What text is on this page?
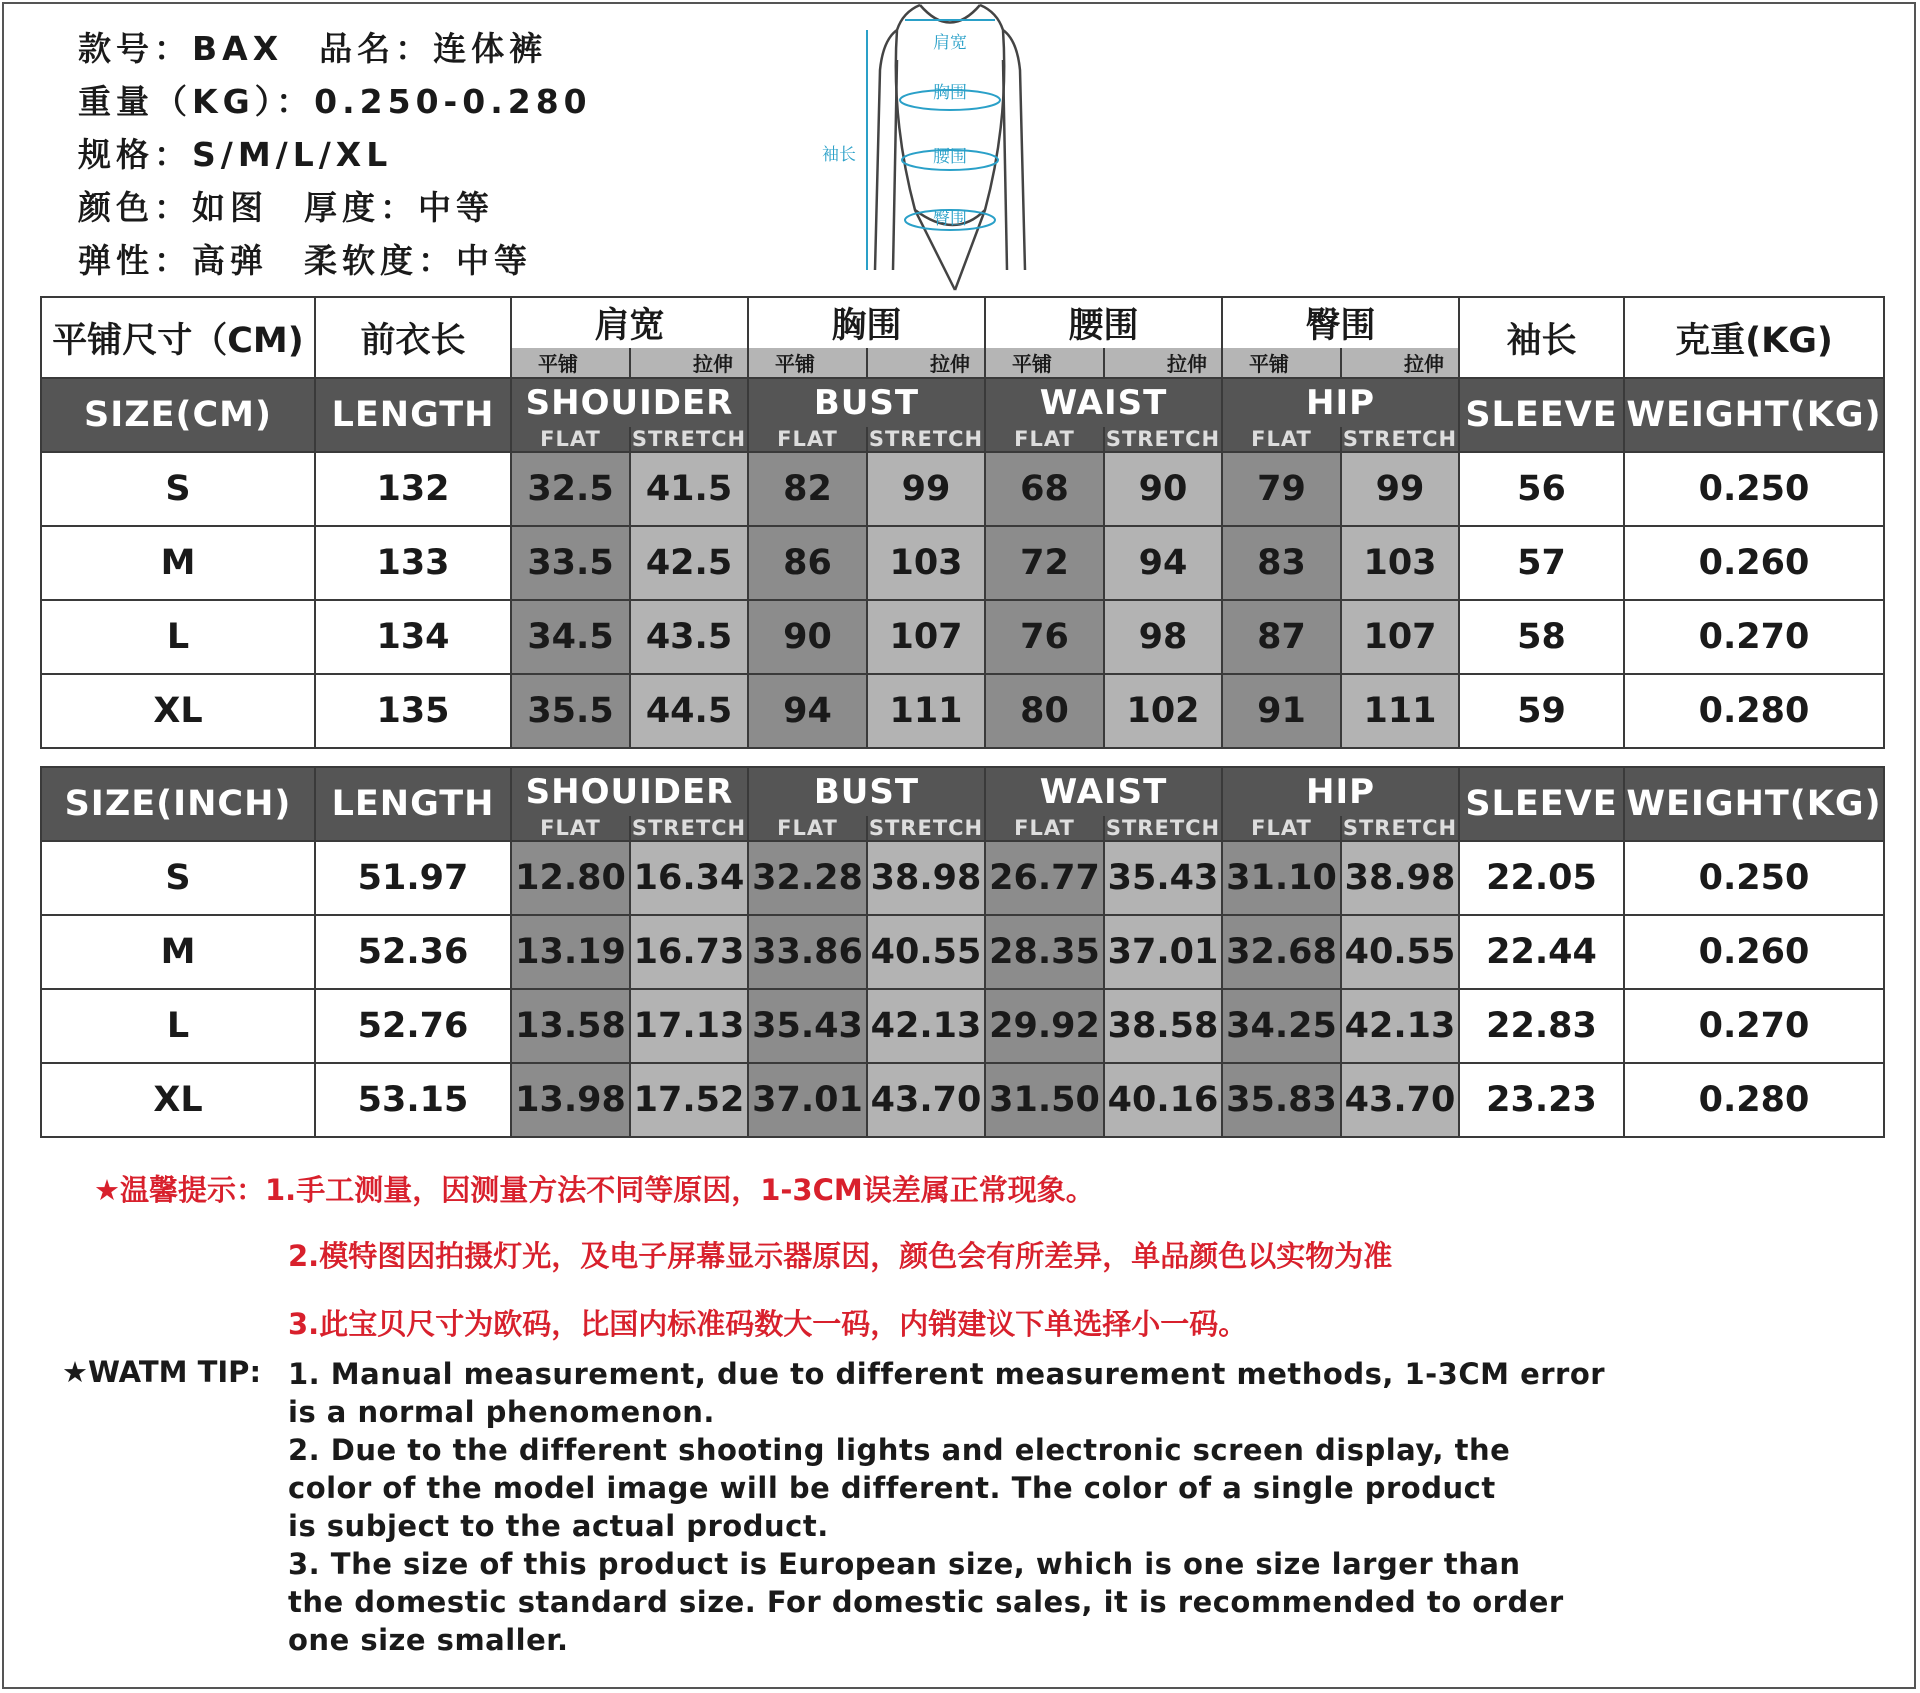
款号：BAX 品名：连体裤
重量（KG）：0.250-0.280
规格：S/M/L/XL
颜色：如图 厚度：中等
弹性：高弹 柔软度：中等
肩宽
胸围
腰围
臀围
袖长
平铺尺寸（CM)	前衣长	肩宽		胸围		腰围		臀围		袖长	克重(KG)
		平铺	拉伸	平铺	拉伸	平铺	拉伸	平铺	拉伸		
SIZE(CM)	LENGTH	SHOUIDER		BUST		WAIST		HIP		SLEEVE	WEIGHT(KG)
		FLAT	STRETCH	FLAT	STRETCH	FLAT	STRETCH	FLAT	STRETCH		
S	132	32.5	41.5	82	99	68	90	79	99	56	0.250
M	133	33.5	42.5	86	103	72	94	83	103	57	0.260
L	134	34.5	43.5	90	107	76	98	87	107	58	0.270
XL	135	35.5	44.5	94	111	80	102	91	111	59	0.280
SIZE(INCH)	LENGTH	SHOUIDER		BUST		WAIST		HIP		SLEEVE	WEIGHT(KG)
		FLAT	STRETCH	FLAT	STRETCH	FLAT	STRETCH	FLAT	STRETCH		
S	51.97	12.80	16.34	32.28	38.98	26.77	35.43	31.10	38.98	22.05	0.250
M	52.36	13.19	16.73	33.86	40.55	28.35	37.01	32.68	40.55	22.44	0.260
L	52.76	13.58	17.13	35.43	42.13	29.92	38.58	34.25	42.13	22.83	0.270
XL	53.15	13.98	17.52	37.01	43.70	31.50	40.16	35.83	43.70	23.23	0.280
★温馨提示：1.手工测量，因测量方法不同等原因，1-3CM误差属正常现象。
2.模特图因拍摄灯光，及电子屏幕显示器原因，颜色会有所差异，单品颜色以实物为准
3.此宝贝尺寸为欧码，比国内标准码数大一码，内销建议下单选择小一码。
★WATM TIP: 1. Manual measurement, due to different measurement methods, 1-3CM error
is a normal phenomenon.
2. Due to the different shooting lights and electronic screen display, the
color of the model image will be different. The color of a single product
is subject to the actual product.
3. The size of this product is European size, which is one size larger than
the domestic standard size. For domestic sales, it is recommended to order
one size smaller.
